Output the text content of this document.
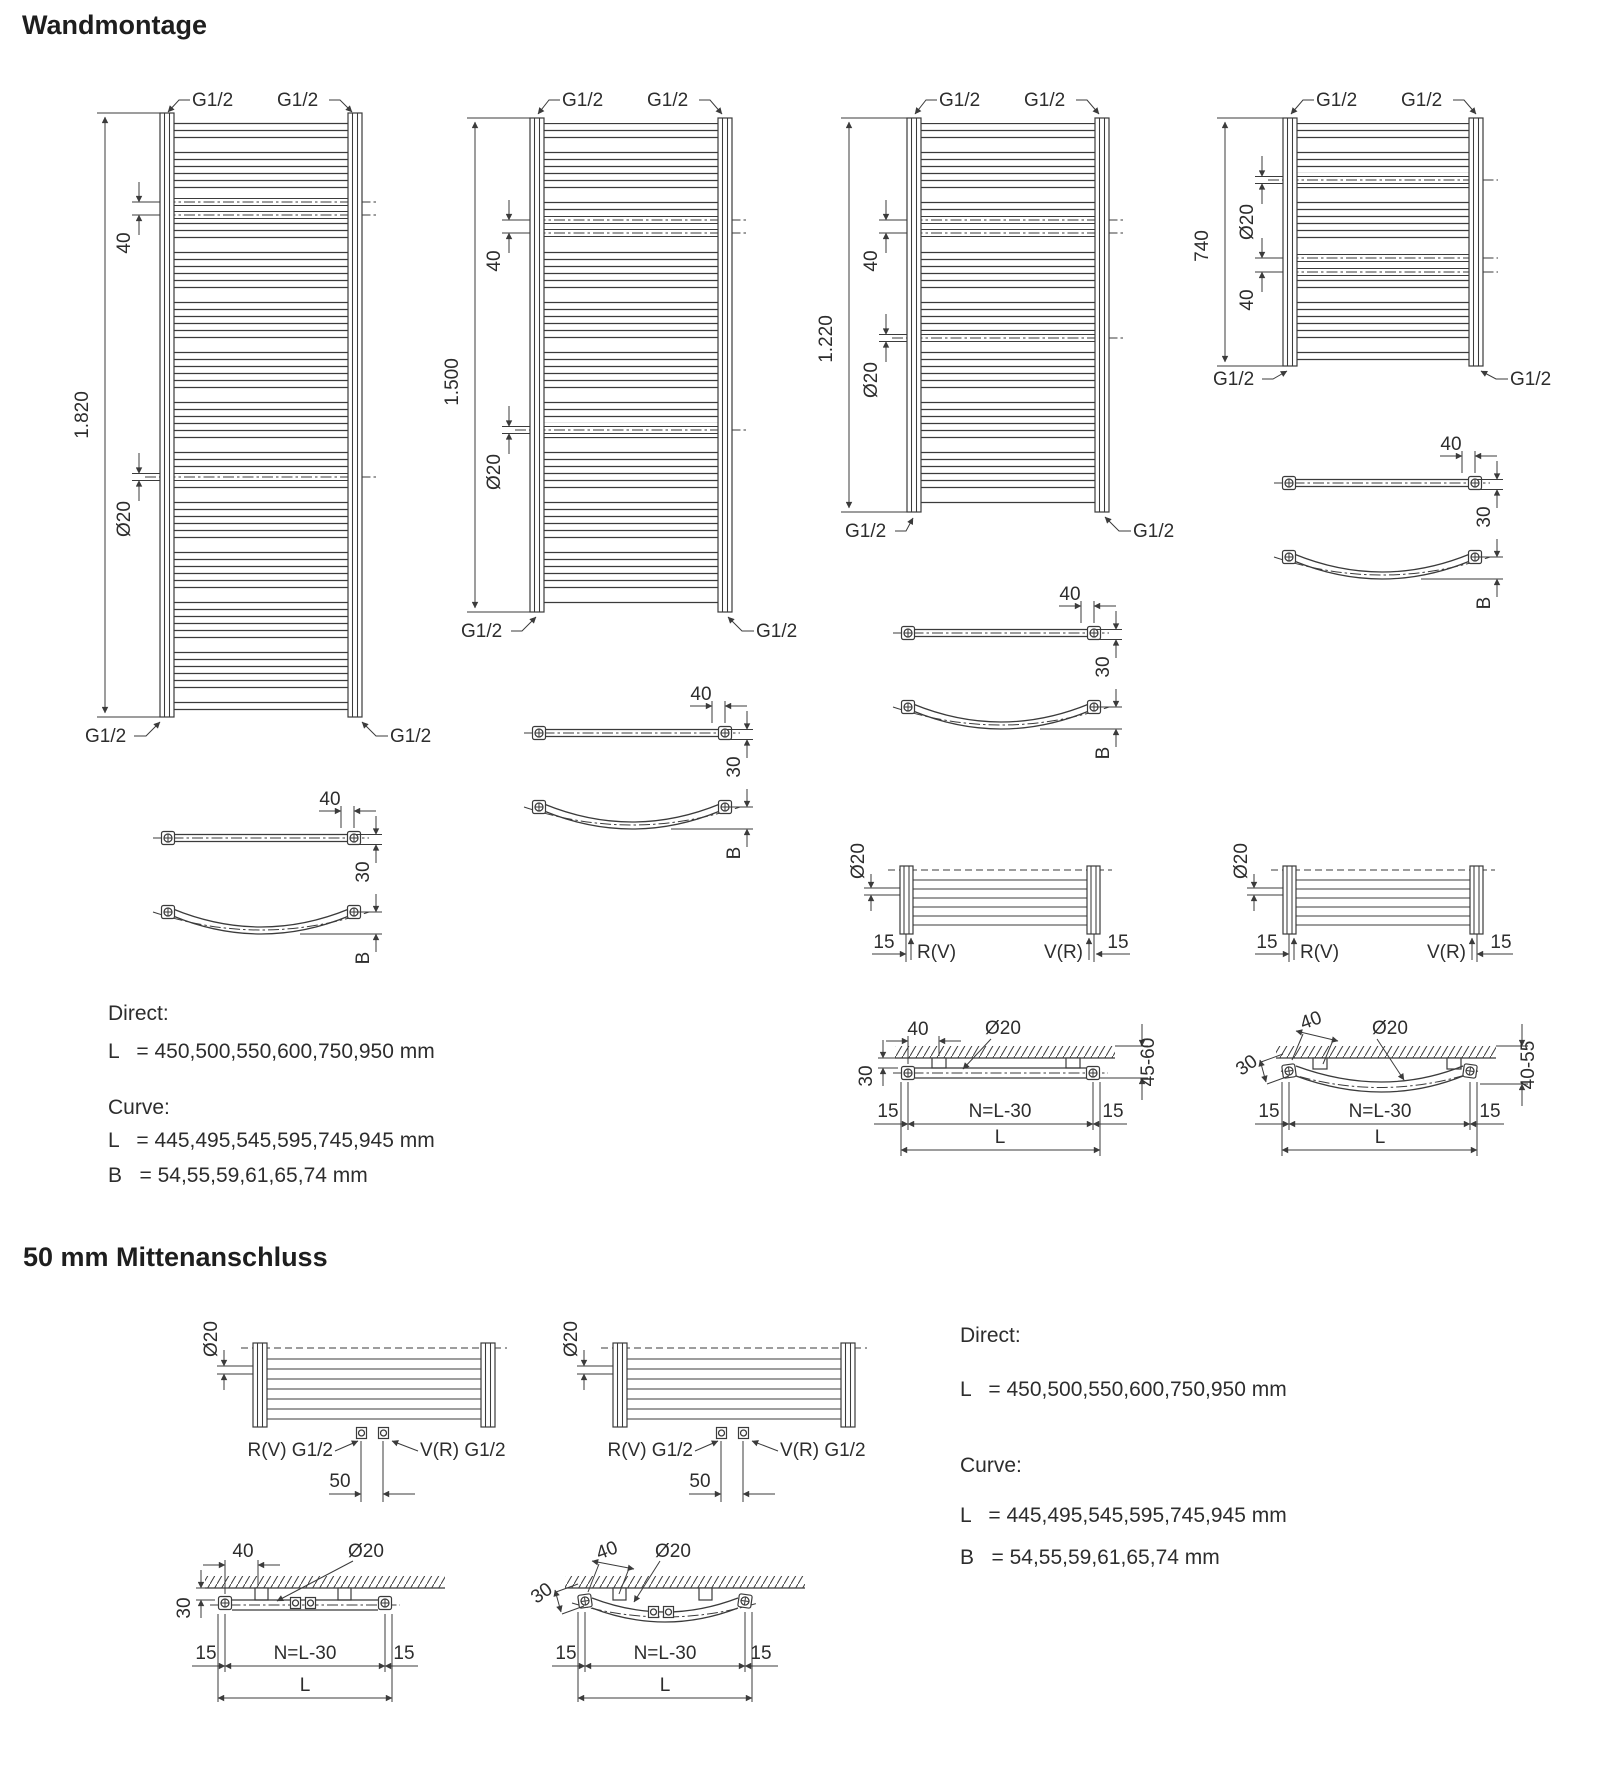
Wandmontage
50 mm Mittenanschluss
Direct:
L   = 450,500,550,600,750,950 mm
Curve:
L   = 445,495,545,595,745,945 mm
B   = 54,55,59,61,65,74 mm
Direct:
L   = 450,500,550,600,750,950 mm
Curve:
L   = 445,495,545,595,745,945 mm
B   = 54,55,59,61,65,74 mm
1.820
40
Ø20
G1/2 G1/2
G1/2	G1/2
40
30
B
1.500
40
Ø20
G1/2 G1/2
G1/2	G1/2
40
30
B
1.220
40
Ø20
G1/2 G1/2
G1/2	G1/2
40
30
B
740
Ø20
40
G1/2 G1/2
G1/2	G1/2
40
30
B
Ø20
15 R(V)	15
V(R)
Ø20
15 R(V)	15
V(R)
40	Ø20
30	45-60
15	N=L-30	15
L
40 Ø20
30	40-55
15	N=L-30	15
L
Ø20
R(V) G1/2	V(R) G1/2
50
Ø20
R(V) G1/2	V(R) G1/2
50
40	Ø20
30
15	N=L-30	15
L
40 Ø20
30
15	N=L-30	15
L
